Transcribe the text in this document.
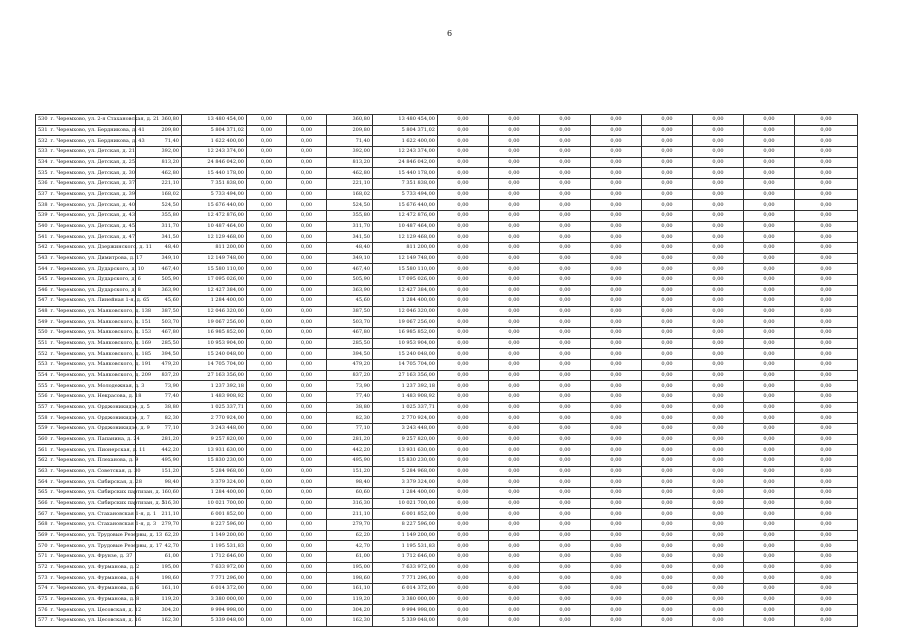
6
530 г. Черемхово, ул. 2-я Стахановская, д. 21	360,80	13 480 454,00	0,00	0,00	360,80	13 480 454,00	0,00	0,00	0,00	0,00	0,00	0,00	0,00	0,00
531 г. Черемхово, ул. Бердникова, д. 41	209,80	5 804 371,02	0,00	0,00	209,80	5 804 371,02	0,00	0,00	0,00	0,00	0,00	0,00	0,00	0,00
532 г. Черемхово, ул. Бердникова, д. 43	71,40	1 622 400,00	0,00	0,00	71,40	1 622 400,00	0,00	0,00	0,00	0,00	0,00	0,00	0,00	0,00
533 г. Черемхово, ул. Детская, д. 21	392,00	12 243 374,00	0,00	0,00	392,00	12 243 374,00	0,00	0,00	0,00	0,00	0,00	0,00	0,00	0,00
534 г. Черемхово, ул. Детская, д. 25	813,20	24 846 042,00	0,00	0,00	813,20	24 846 042,00	0,00	0,00	0,00	0,00	0,00	0,00	0,00	0,00
535 г. Черемхово, ул. Детская, д. 30	462,80	15 440 178,00	0,00	0,00	462,80	15 440 178,00	0,00	0,00	0,00	0,00	0,00	0,00	0,00	0,00
536 г. Черемхово, ул. Детская, д. 37	221,10	7 351 838,00	0,00	0,00	221,10	7 351 838,00	0,00	0,00	0,00	0,00	0,00	0,00	0,00	0,00
537 г. Черемхово, ул. Детская, д. 39	168,02	5 733 494,00	0,00	0,00	168,02	5 733 494,00	0,00	0,00	0,00	0,00	0,00	0,00	0,00	0,00
538 г. Черемхово, ул. Детская, д. 40	524,50	15 676 440,00	0,00	0,00	524,50	15 676 440,00	0,00	0,00	0,00	0,00	0,00	0,00	0,00	0,00
539 г. Черемхово, ул. Детская, д. 43	355,80	12 472 876,00	0,00	0,00	355,80	12 472 876,00	0,00	0,00	0,00	0,00	0,00	0,00	0,00	0,00
540 г. Черемхово, ул. Детская, д. 45	311,70	10 487 464,00	0,00	0,00	311,70	10 487 464,00	0,00	0,00	0,00	0,00	0,00	0,00	0,00	0,00
541 г. Черемхово, ул. Детская, д. 47	341,50	12 129 468,00	0,00	0,00	341,50	12 129 468,00	0,00	0,00	0,00	0,00	0,00	0,00	0,00	0,00
542 г. Черемхово, ул. Дзержинского, д. 11	48,40	811 200,00	0,00	0,00	48,40	811 200,00	0,00	0,00	0,00	0,00	0,00	0,00	0,00	0,00
543 г. Черемхово, ул. Димитрова, д. 17	349,10	12 149 748,00	0,00	0,00	349,10	12 149 748,00	0,00	0,00	0,00	0,00	0,00	0,00	0,00	0,00
544 г. Черемхово, ул. Дударского, д. 10	467,40	15 580 110,00	0,00	0,00	467,40	15 580 110,00	0,00	0,00	0,00	0,00	0,00	0,00	0,00	0,00
545 г. Черемхово, ул. Дударского, д. 6	505,90	17 095 026,00	0,00	0,00	505,90	17 095 026,00	0,00	0,00	0,00	0,00	0,00	0,00	0,00	0,00
546 г. Черемхово, ул. Дударского, д. 8	363,90	12 427 384,00	0,00	0,00	363,90	12 427 384,00	0,00	0,00	0,00	0,00	0,00	0,00	0,00	0,00
547 г. Черемхово, ул. Линейная 1-я, д. 65	45,60	1 284 400,00	0,00	0,00	45,60	1 284 400,00	0,00	0,00	0,00	0,00	0,00	0,00	0,00	0,00
548 г. Черемхово, ул. Маяковского, д. 138	387,50	12 046 320,00	0,00	0,00	387,50	12 046 320,00	0,00	0,00	0,00	0,00	0,00	0,00	0,00	0,00
549 г. Черемхово, ул. Маяковского, д. 151	503,70	19 067 256,00	0,00	0,00	503,70	19 067 256,00	0,00	0,00	0,00	0,00	0,00	0,00	0,00	0,00
550 г. Черемхово, ул. Маяковского, д. 153	467,80	16 985 852,00	0,00	0,00	467,80	16 985 852,00	0,00	0,00	0,00	0,00	0,00	0,00	0,00	0,00
551 г. Черемхово, ул. Маяковского, д. 169	285,50	10 953 904,00	0,00	0,00	285,50	10 953 904,00	0,00	0,00	0,00	0,00	0,00	0,00	0,00	0,00
552 г. Черемхово, ул. Маяковского, д. 185	394,50	15 240 048,00	0,00	0,00	394,50	15 240 048,00	0,00	0,00	0,00	0,00	0,00	0,00	0,00	0,00
553 г. Черемхово, ул. Маяковского, д. 191	479,20	14 705 704,00	0,00	0,00	479,20	14 705 704,00	0,00	0,00	0,00	0,00	0,00	0,00	0,00	0,00
554 г. Черемхово, ул. Маяковского, д. 209	837,20	27 163 356,00	0,00	0,00	837,20	27 163 356,00	0,00	0,00	0,00	0,00	0,00	0,00	0,00	0,00
555 г. Черемхово, ул. Молодежная, д. 3	73,90	1 237 392,18	0,00	0,00	73,90	1 237 392,18	0,00	0,00	0,00	0,00	0,00	0,00	0,00	0,00
556 г. Черемхово, ул. Некрасова, д. 18	77,40	1 483 908,92	0,00	0,00	77,40	1 483 908,92	0,00	0,00	0,00	0,00	0,00	0,00	0,00	0,00
557 г. Черемхово, ул. Орджоникидзе, д. 5	38,80	1 025 337,71	0,00	0,00	38,80	1 025 337,71	0,00	0,00	0,00	0,00	0,00	0,00	0,00	0,00
558 г. Черемхово, ул. Орджоникидзе, д. 7	82,30	2 770 924,00	0,00	0,00	82,30	2 770 924,00	0,00	0,00	0,00	0,00	0,00	0,00	0,00	0,00
559 г. Черемхово, ул. Орджоникидзе, д. 9	77,10	3 243 448,00	0,00	0,00	77,10	3 243 448,00	0,00	0,00	0,00	0,00	0,00	0,00	0,00	0,00
560 г. Черемхово, ул. Папанина, д. 24	281,20	9 257 820,00	0,00	0,00	281,20	9 257 820,00	0,00	0,00	0,00	0,00	0,00	0,00	0,00	0,00
561 г. Черемхово, ул. Пионерская, д. 11	442,20	13 931 630,00	0,00	0,00	442,20	13 931 630,00	0,00	0,00	0,00	0,00	0,00	0,00	0,00	0,00
562 г. Черемхово, ул. Плеханова, д. 9	495,90	15 830 230,00	0,00	0,00	495,90	15 830 230,00	0,00	0,00	0,00	0,00	0,00	0,00	0,00	0,00
563 г. Черемхово, ул. Советская, д. 30	151,20	5 284 968,00	0,00	0,00	151,20	5 284 968,00	0,00	0,00	0,00	0,00	0,00	0,00	0,00	0,00
564 г. Черемхово, ул. Сибирская, д. 28	98,40	3 379 324,00	0,00	0,00	98,40	3 379 324,00	0,00	0,00	0,00	0,00	0,00	0,00	0,00	0,00
565 г. Черемхово, ул. Сибирских партизан, д. 1	60,60	1 284 400,00	0,00	0,00	60,60	1 284 400,00	0,00	0,00	0,00	0,00	0,00	0,00	0,00	0,00
566 г. Черемхово, ул. Сибирских партизан, д. 5	316,30	10 021 700,00	0,00	0,00	316,30	10 021 700,00	0,00	0,00	0,00	0,00	0,00	0,00	0,00	0,00
567 г. Черемхово, ул. Стахановская 1-я, д. 1	211,10	6 001 852,00	0,00	0,00	211,10	6 001 852,00	0,00	0,00	0,00	0,00	0,00	0,00	0,00	0,00
568 г. Черемхово, ул. Стахановская 1-я, д. 3	279,70	8 227 596,00	0,00	0,00	279,70	8 227 596,00	0,00	0,00	0,00	0,00	0,00	0,00	0,00	0,00
569 г. Черемхово, ул. Трудовые Резервы, д. 13	62,20	1 149 200,00	0,00	0,00	62,20	1 149 200,00	0,00	0,00	0,00	0,00	0,00	0,00	0,00	0,00
570 г. Черемхово, ул. Трудовые Резервы, д. 17	42,70	1 195 531,83	0,00	0,00	42,70	1 195 531,83	0,00	0,00	0,00	0,00	0,00	0,00	0,00	0,00
571 г. Черемхово, ул. Фрунзе, д. 37	61,00	1 712 646,00	0,00	0,00	61,00	1 712 646,00	0,00	0,00	0,00	0,00	0,00	0,00	0,00	0,00
572 г. Черемхово, ул. Фурманова, д. 2	195,00	7 633 972,00	0,00	0,00	195,00	7 633 972,00	0,00	0,00	0,00	0,00	0,00	0,00	0,00	0,00
573 г. Черемхово, ул. Фурманова, д. 4	198,60	7 771 296,00	0,00	0,00	198,60	7 771 296,00	0,00	0,00	0,00	0,00	0,00	0,00	0,00	0,00
574 г. Черемхово, ул. Фурманова, д. 6	161,10	6 014 372,00	0,00	0,00	161,10	6 014 372,00	0,00	0,00	0,00	0,00	0,00	0,00	0,00	0,00
575 г. Черемхово, ул. Фурманова, д. 8	119,20	3 380 000,00	0,00	0,00	119,20	3 380 000,00	0,00	0,00	0,00	0,00	0,00	0,00	0,00	0,00
576 г. Черемхово, ул. Цесовская, д. 12	304,20	9 994 998,00	0,00	0,00	304,20	9 994 998,00	0,00	0,00	0,00	0,00	0,00	0,00	0,00	0,00
577 г. Черемхово, ул. Цесовская, д. 16	162,30	5 339 048,00	0,00	0,00	162,30	5 339 048,00	0,00	0,00	0,00	0,00	0,00	0,00	0,00	0,00
